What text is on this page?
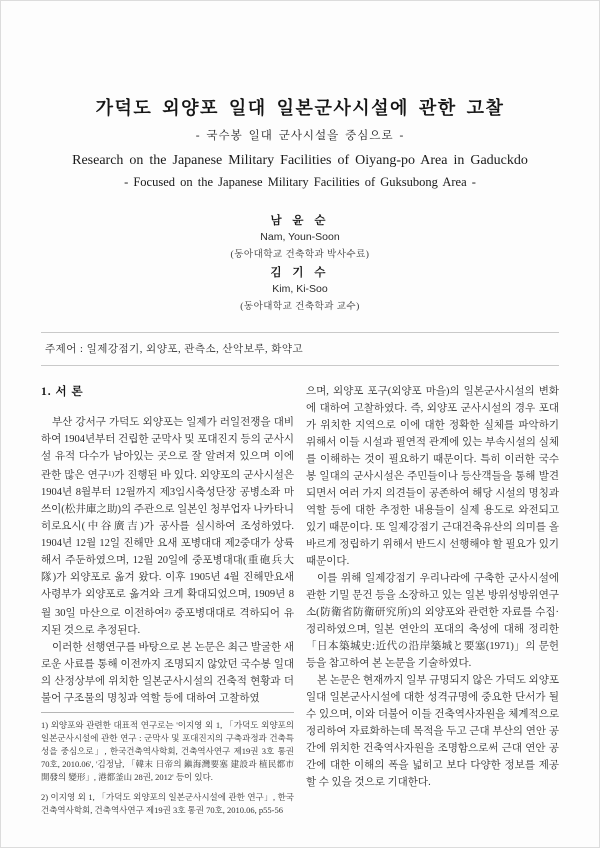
가덕도 외양포 일대 일본군사시설에 관한 고찰
- 국수봉 일대 군사시설을 중심으로 -
Research on the Japanese Military Facilities of Oiyang-po Area in Gaduckdo
- Focused on the Japanese Military Facilities of Guksubong Area -
남 윤 순
Nam, Youn-Soon
(동아대학교 건축학과 박사수료)
김 기 수
Kim, Ki-Soo
(동아대학교 건축학과 교수)
주제어 : 일제강점기, 외양포, 관측소, 산악보루, 화약고
1. 서 론

부산 강서구 가덕도 외양포는 일제가 러일전쟁을 대비하여 1904년부터 건립한 군막사 및 포대진지 등의 군사시설 유적 다수가 남아있는 곳으로 잘 알려져 있으며 이에 관한 많은 연구$^{1)}$가 진행된 바 있다. 외양포의 군사시설은 1904년 8월부터 12월까지 제3임시축성단장 공병소좌 마쓰이(松井庫之助)의 주관으로 일본인 청부업자 나카타니 히로요시(中谷廣吉)가 공사를 실시하여 조성하였다. 1904년 12월 12일 진해만 요새 포병대대 제2중대가 상륙해서 주둔하였으며, 12월 20일에 중포병대대(重砲兵大隊)가 외양포로 옮겨 왔다. 이후 1905년 4월 진해만요새사령부가 외양포로 옮겨와 크게 확대되었으며, 1909년 8월 30일 마산으로 이전하여$^{2)}$ 중포병대대로 격하되어 유지된 것으로 추정된다.

이러한 선행연구를 바탕으로 본 논문은 최근 발굴한 새로운 사료를 통해 이전까지 조명되지 않았던 국수봉 일대의 산정상부에 위치한 일본군사시설의 건축적 현황과 더불어 구조물의 명칭과 역할 등에 대하여 고찰하였

1) 외양포와 관련한 대표적 연구로는 '이지영 외 1, 「가덕도 외양포의 일본군사시설에 관한 연구 : 군막사 및 포대진지의 구축과정과 건축특성을 중심으로」, 한국건축역사학회, 건축역사연구 제19권 3호 통권 70호, 2010.06', '김정남, 「韓末 日帝의 鎭海灣要塞 建設과 植民都市 開發의 變形」, 港都釜山 28권, 2012' 등이 있다.

2) 이지영 외 1, 「가덕도 외양포의 일본군사시설에 관한 연구」, 한국건축역사학회, 건축역사연구 제19권 3호 통권 70호, 2010.06, p55-56

으며, 외양포 포구(외양포 마을)의 일본군사시설의 변화에 대하여 고찰하였다. 즉, 외양포 군사시설의 경우 포대가 위치한 지역으로 이에 대한 정확한 실체를 파악하기 위해서 이들 시설과 필연적 관계에 있는 부속시설의 실체를 이해하는 것이 필요하기 때문이다. 특히 이러한 국수봉 일대의 군사시설은 주민들이나 등산객들을 통해 발견되면서 여러 가지 의견들이 공존하여 해당 시설의 명칭과 역할 등에 대한 추정한 내용들이 실제 용도로 와전되고 있기 때문이다. 또 일제강점기 근대건축유산의 의미를 올바르게 정립하기 위해서 반드시 선행해야 할 필요가 있기 때문이다.

이를 위해 일제강점기 우리나라에 구축한 군사시설에 관한 기밀 문건 등을 소장하고 있는 일본 방위성방위연구소(防衛省防衛研究所)의 외양포와 관련한 자료를 수집·정리하였으며, 일본 연안의 포대의 축성에 대해 정리한 「日本築城史:近代の沿岸築城と要塞(1971)」의 문헌 등을 참고하여 본 논문을 기술하였다.

본 논문은 현재까지 일부 규명되지 않은 가덕도 외양포 일대 일본군사시설에 대한 성격규명에 중요한 단서가 될 수 있으며, 이와 더불어 이들 건축역사자원을 체계적으로 정리하여 자료화하는데 목적을 두고 근대 부산의 연안 공간에 위치한 건축역사자원을 조명함으로써 근대 연안 공간에 대한 이해의 폭을 넓히고 보다 다양한 정보를 제공할 수 있을 것으로 기대한다.
